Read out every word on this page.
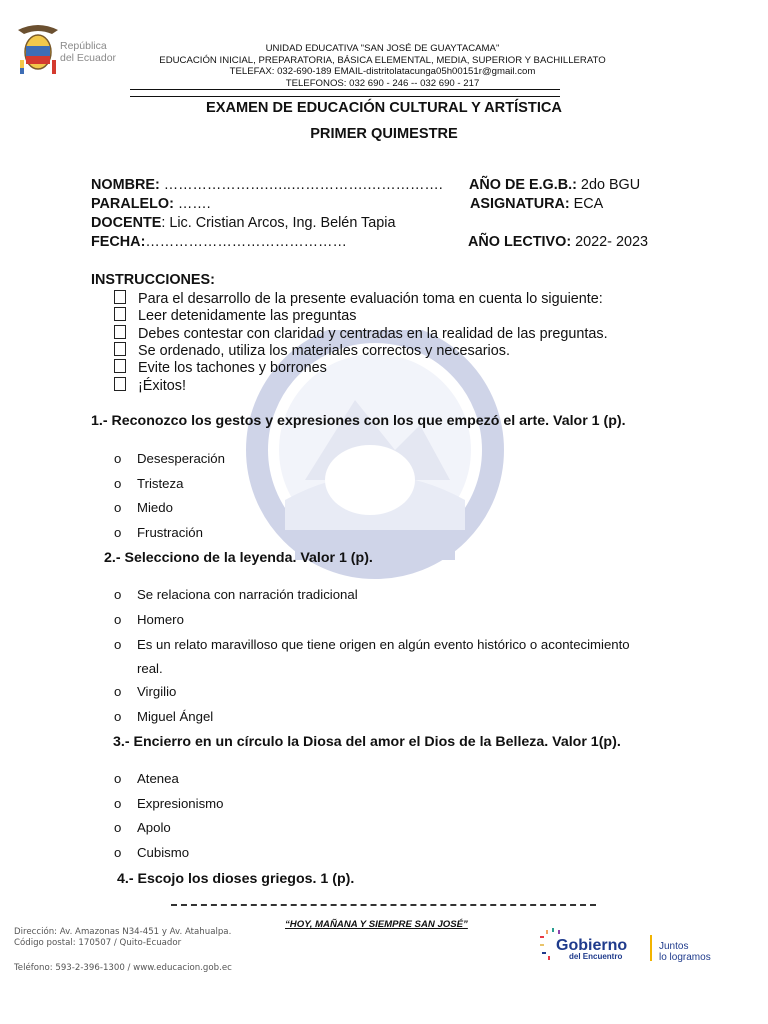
República
del Ecuador
UNIDAD EDUCATIVA "SAN JOSÉ DE GUAYTACAMA"
EDUCACIÓN INICIAL, PREPARATORIA, BÁSICA ELEMENTAL, MEDIA, SUPERIOR Y BACHILLERATO
TELEFAX: 032-690-189 EMAIL-distritolatacunga05h00151r@gmail.com
TELEFONOS: 032 690 - 246 -- 032 690 - 217
EXAMEN DE EDUCACIÓN CULTURAL Y ARTÍSTICA
PRIMER QUIMESTRE
NOMBRE: ………………….…..…………….……………. AÑO DE E.G.B.: 2do BGU
PARALELO: …….	ASIGNATURA: ECA
DOCENTE: Lic. Cristian Arcos, Ing. Belén Tapia
FECHA:……………………………………	AÑO LECTIVO: 2022- 2023
INSTRUCCIONES:
Para el desarrollo de la presente evaluación toma en cuenta lo siguiente:
Leer detenidamente las preguntas
Debes contestar con claridad y centradas en la realidad de las preguntas.
Se ordenado, utiliza los materiales correctos y necesarios.
Evite los tachones y borrones
¡Éxitos!
1.- Reconozco los gestos y expresiones con los que empezó el arte. Valor 1 (p).
o Desesperación
o Tristeza
o Miedo
o Frustración
2.- Selecciono de la leyenda. Valor 1 (p).
o Se relaciona con narración tradicional
o Homero
o Es un relato maravilloso que tiene origen en algún evento histórico o acontecimiento
real.
o Virgilio
o Miguel Ángel
3.- Encierro en un círculo la Diosa del amor el Dios de la Belleza. Valor 1(p).
o Atenea
o Expresionismo
o Apolo
o Cubismo
4.- Escojo los dioses griegos. 1 (p).
“HOY, MAÑANA Y SIEMPRE SAN JOSÉ”
Dirección: Av. Amazonas N34-451 y Av. Atahualpa.
Código postal: 170507 / Quito-Ecuador
Teléfono: 593-2-396-1300 / www.educacion.gob.ec
Gobierno
del Encuentro
Juntos
lo logramos
